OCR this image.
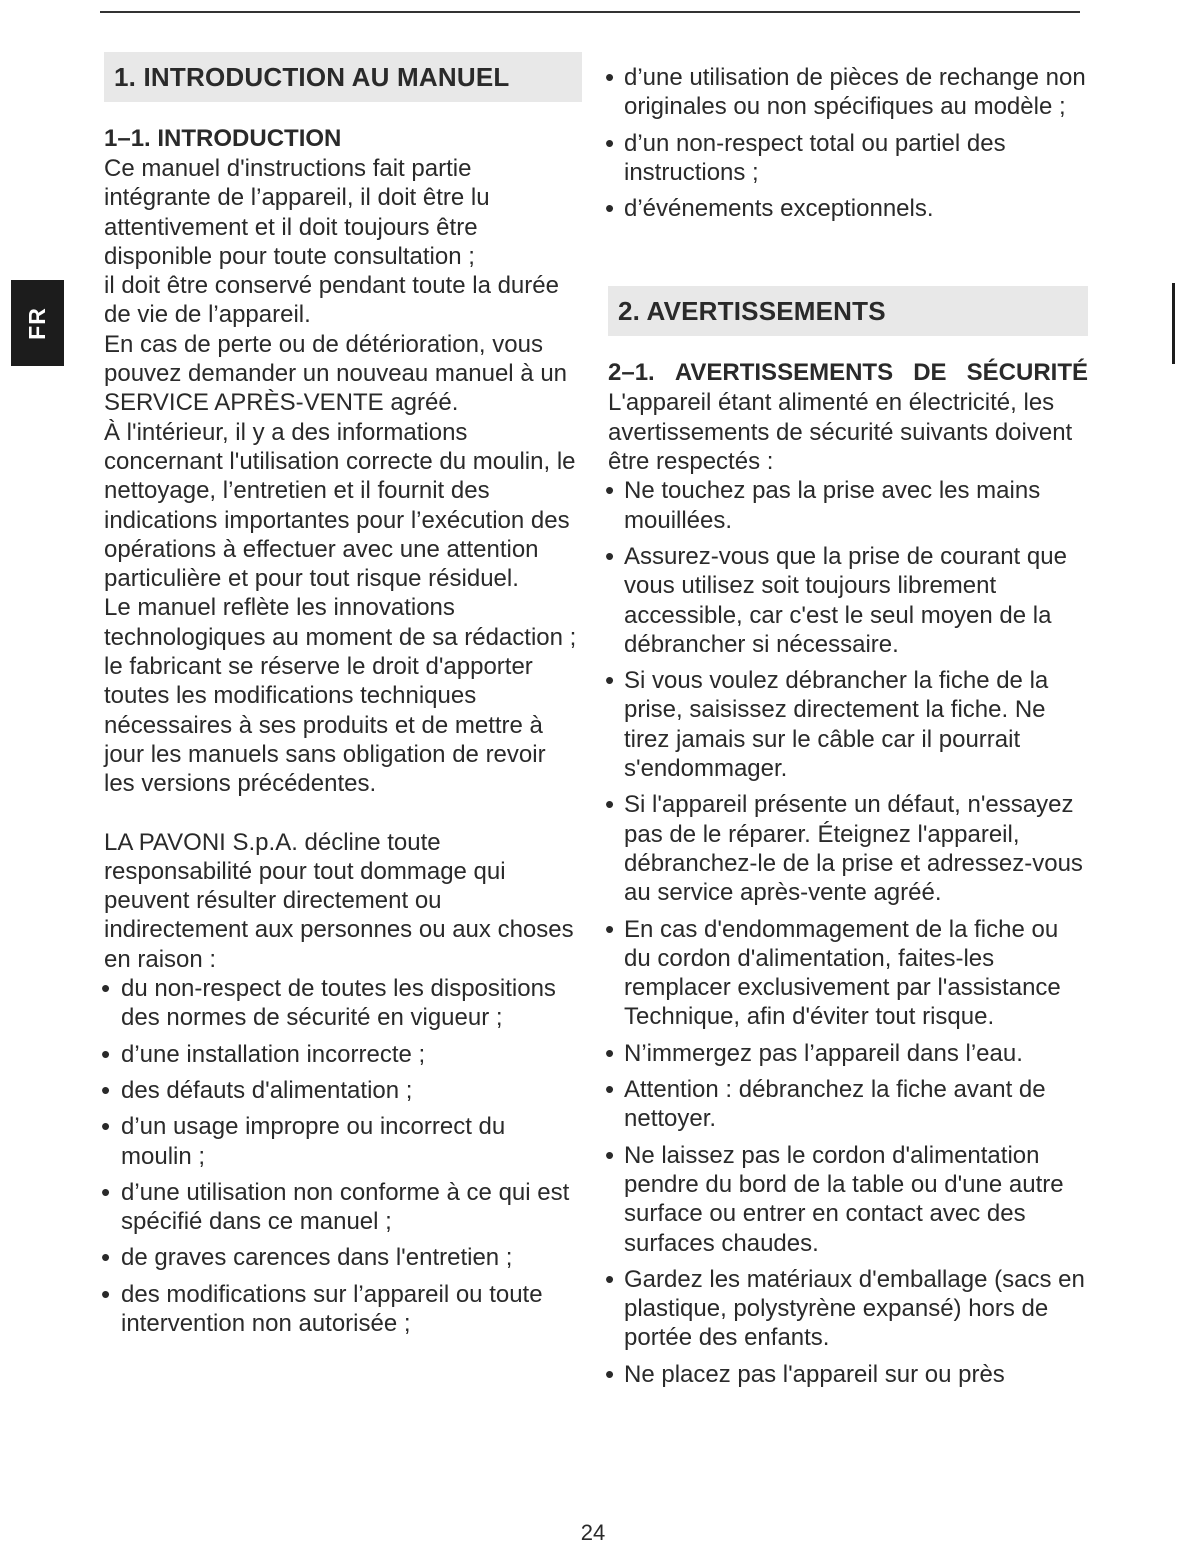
FR
1. INTRODUCTION AU MANUEL
1–1. INTRODUCTION

Ce manuel d'instructions fait partie intégrante de l’appareil, il doit être lu attentivement et il doit toujours être disponible pour toute consultation ;

il doit être conservé pendant toute la durée de vie de l’appareil.

En cas de perte ou de détérioration, vous pouvez demander un nouveau manuel à un SERVICE APRÈS-VENTE agréé.

À l'intérieur, il y a des informations concernant l'utilisation correcte du moulin, le nettoyage, l’entretien et il fournit des indications importantes pour l’exécution des opérations à effectuer avec une attention particulière et pour tout risque résiduel.

Le manuel reflète les innovations technologiques au moment de sa rédaction ; le fabricant se réserve le droit d'apporter toutes les modifications techniques nécessaires à ses produits et de mettre à jour les manuels sans obligation de revoir les versions précédentes.

LA PAVONI S.p.A. décline toute responsabilité pour tout dommage qui peuvent résulter directement ou indirectement aux personnes ou aux choses en raison :

• du non-respect de toutes les dispositions des normes de sécurité en vigueur ;
• d’une installation incorrecte ;
• des défauts d'alimentation ;
• d’un usage impropre ou incorrect du moulin ;
• d’une utilisation non conforme à ce qui est spécifié dans ce manuel ;
• de graves carences dans l'entretien ;
• des modifications sur l’appareil ou toute intervention non autorisée ;
• d’une utilisation de pièces de rechange non originales ou non spécifiques au modèle ;
• d’un non-respect total ou partiel des instructions ;
• d’événements exceptionnels.
2. AVERTISSEMENTS
2–1. AVERTISSEMENTS DE SÉCURITÉ

L'appareil étant alimenté en électricité, les avertissements de sécurité suivants doivent être respectés :

• Ne touchez pas la prise avec les mains mouillées.
• Assurez-vous que la prise de courant que vous utilisez soit toujours librement accessible, car c'est le seul moyen de la débrancher si nécessaire.
• Si vous voulez débrancher la fiche de la prise, saisissez directement la fiche. Ne tirez jamais sur le câble car il pourrait s'endommager.
• Si l'appareil présente un défaut, n'essayez pas de le réparer. Éteignez l'appareil, débranchez-le de la prise et adressez-vous au service après-vente agréé.
• En cas d'endommagement de la fiche ou du cordon d'alimentation, faites-les remplacer exclusivement par l'assistance Technique, afin d'éviter tout risque.
• N’immergez pas l’appareil dans l’eau.
• Attention : débranchez la fiche avant de nettoyer.
• Ne laissez pas le cordon d'alimentation pendre du bord de la table ou d'une autre surface ou entrer en contact avec des surfaces chaudes.
• Gardez les matériaux d'emballage (sacs en plastique, polystyrène expansé) hors de portée des enfants.
• Ne placez pas l'appareil sur ou près
24
